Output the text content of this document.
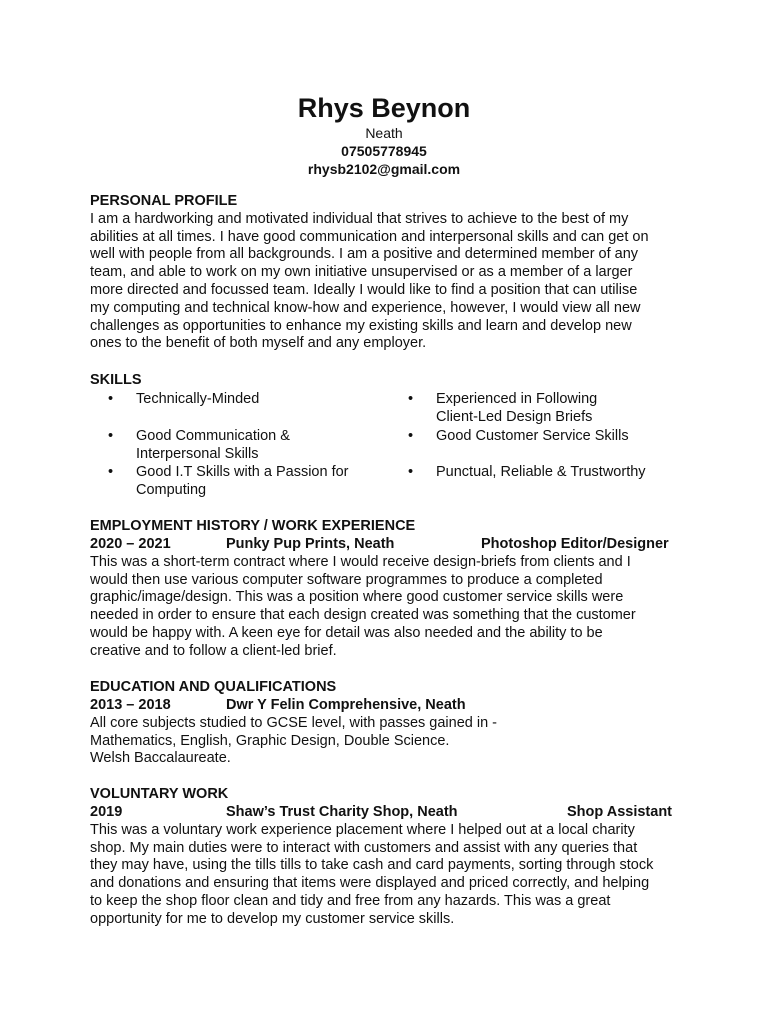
Rhys Beynon
Neath
07505778945
rhysb2102@gmail.com
PERSONAL PROFILE
I am a hardworking and motivated individual that strives to achieve to the best of my
abilities at all times. I have good communication and interpersonal skills and can get on
well with people from all backgrounds. I am a positive and determined member of any
team, and able to work on my own initiative unsupervised or as a member of a larger
more directed and focussed team. Ideally I would like to find a position that can utilise
my computing and technical know-how and experience, however, I would view all new
challenges as opportunities to enhance my existing skills and learn and develop new
ones to the benefit of both myself and any employer.
SKILLS
• Technically-Minded	• Experienced in Following
Client-Led Design Briefs
• Good Communication &
Interpersonal Skills
• Good Customer Service Skills

• Good I.T Skills with a Passion for
Computing
• Punctual, Reliable & Trustworthy

EMPLOYMENT HISTORY / WORK EXPERIENCE
2020 – 2021	Punky Pup Prints, Neath	Photoshop Editor/Designer
This was a short-term contract where I would receive design-briefs from clients and I
would then use various computer software programmes to produce a completed
graphic/image/design. This was a position where good customer service skills were
needed in order to ensure that each design created was something that the customer
would be happy with. A keen eye for detail was also needed and the ability to be
creative and to follow a client-led brief.
EDUCATION AND QUALIFICATIONS
2013 – 2018	Dwr Y Felin Comprehensive, Neath
All core subjects studied to GCSE level, with passes gained in -
Mathematics, English, Graphic Design, Double Science.
Welsh Baccalaureate.
VOLUNTARY WORK
2019	Shaw’s Trust Charity Shop, Neath	Shop Assistant
This was a voluntary work experience placement where I helped out at a local charity
shop. My main duties were to interact with customers and assist with any queries that
they may have, using the tills tills to take cash and card payments, sorting through stock
and donations and ensuring that items were displayed and priced correctly, and helping
to keep the shop floor clean and tidy and free from any hazards. This was a great
opportunity for me to develop my customer service skills.
